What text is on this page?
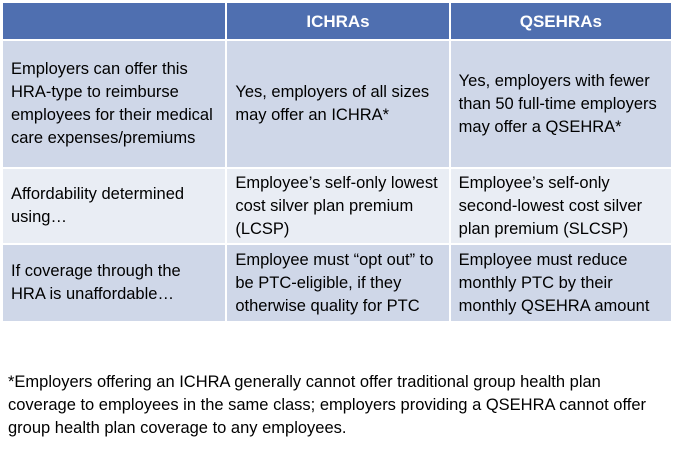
	ICHRAs	QSEHRAs
Employers can offer this HRA-type to reimburse employees for their medical care expenses/premiums	Yes, employers of all sizes may offer an ICHRA*	Yes, employers with fewer than 50 full-time employers may offer a QSEHRA*
Affordability determined using…	Employee’s self-only lowest cost silver plan premium (LCSP)	Employee’s self-only second-lowest cost silver plan premium (SLCSP)
If coverage through the HRA is unaffordable…	Employee must “opt out” to be PTC-eligible, if they otherwise quality for PTC	Employee must reduce monthly PTC by their monthly QSEHRA amount

*Employers offering an ICHRA generally cannot offer traditional group health plan coverage to employees in the same class; employers providing a QSEHRA cannot offer group health plan coverage to any employees.
